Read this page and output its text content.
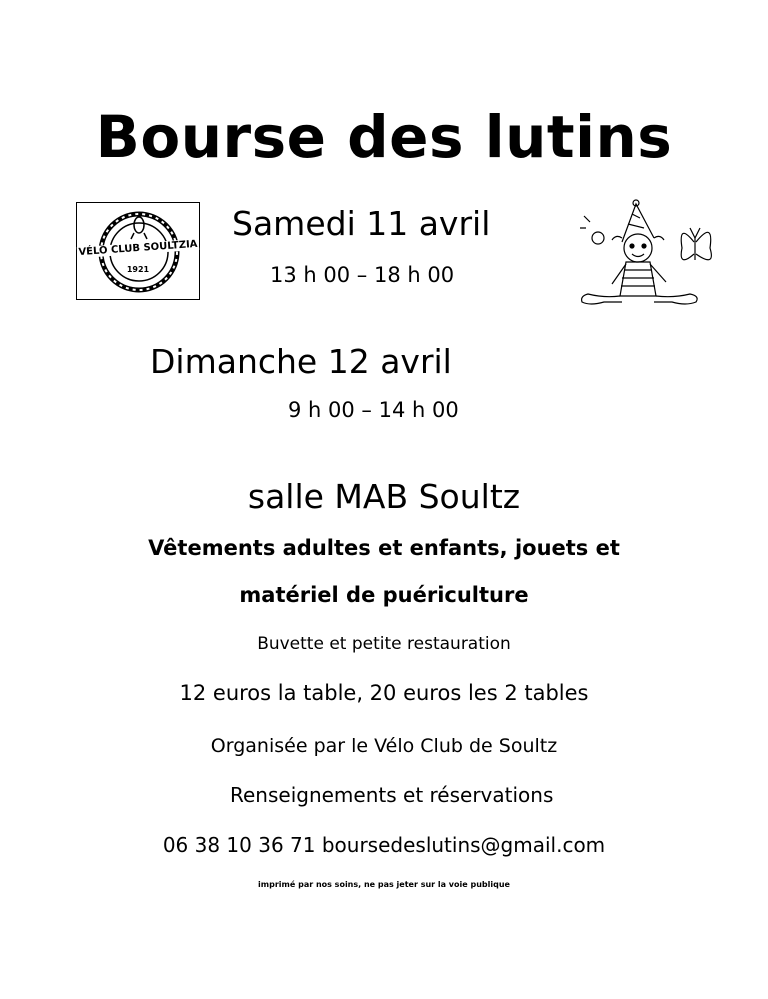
Bourse des lutins
VÉLO CLUB SOULTZIA
1921
Samedi 11 avril
13 h 00 – 18 h 00
Dimanche 12 avril
9 h 00 – 14 h 00
salle MAB Soultz
Vêtements adultes et enfants, jouets et
matériel de puériculture
Buvette et petite restauration
12 euros la table, 20 euros les 2 tables
Organisée par le Vélo Club de Soultz
Renseignements et réservations
06 38 10 36 71 boursedeslutins@gmail.com
imprimé par nos soins, ne pas jeter sur la voie publique
